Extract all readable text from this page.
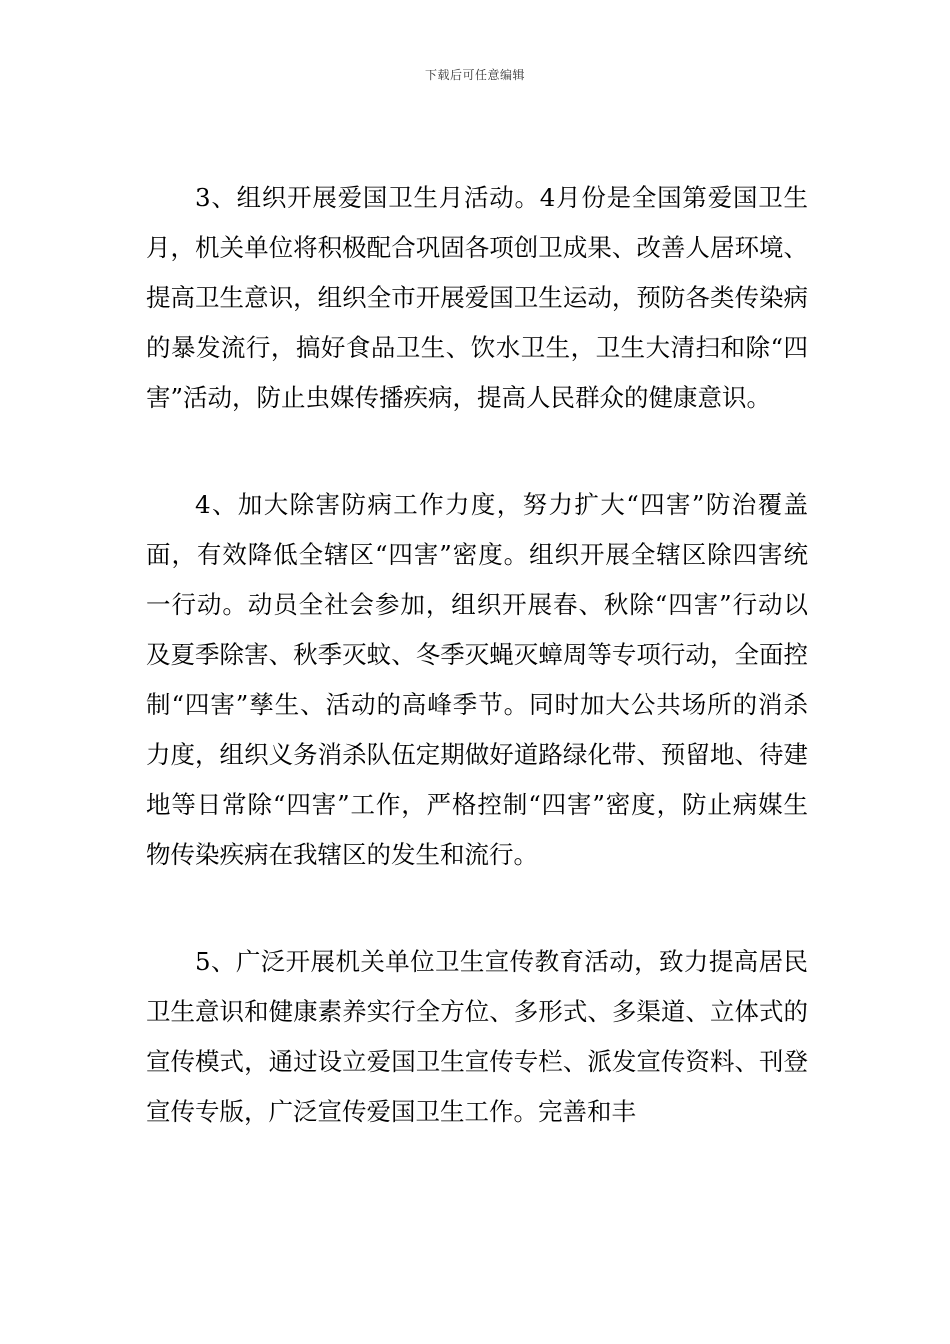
下载后可任意编辑

3、组织开展爱国卫生月活动。4月份是全国第爱国卫生月，机关单位将积极配合巩固各项创卫成果、改善人居环境、提高卫生意识，组织全市开展爱国卫生运动，预防各类传染病的暴发流行，搞好食品卫生、饮水卫生，卫生大清扫和除“四害”活动，防止虫媒传播疾病，提高人民群众的健康意识。

4、加大除害防病工作力度，努力扩大“四害”防治覆盖面，有效降低全辖区“四害”密度。组织开展全辖区除四害统一行动。动员全社会参加，组织开展春、秋除“四害”行动以及夏季除害、秋季灭蚊、冬季灭蝇灭蟑周等专项行动，全面控制“四害”孳生、活动的高峰季节。同时加大公共场所的消杀力度，组织义务消杀队伍定期做好道路绿化带、预留地、待建地等日常除“四害”工作，严格控制“四害”密度，防止病媒生物传染疾病在我辖区的发生和流行。

5、广泛开展机关单位卫生宣传教育活动，致力提高居民卫生意识和健康素养实行全方位、多形式、多渠道、立体式的宣传模式，通过设立爱国卫生宣传专栏、派发宣传资料、刊登宣传专版，广泛宣传爱国卫生工作。完善和丰
